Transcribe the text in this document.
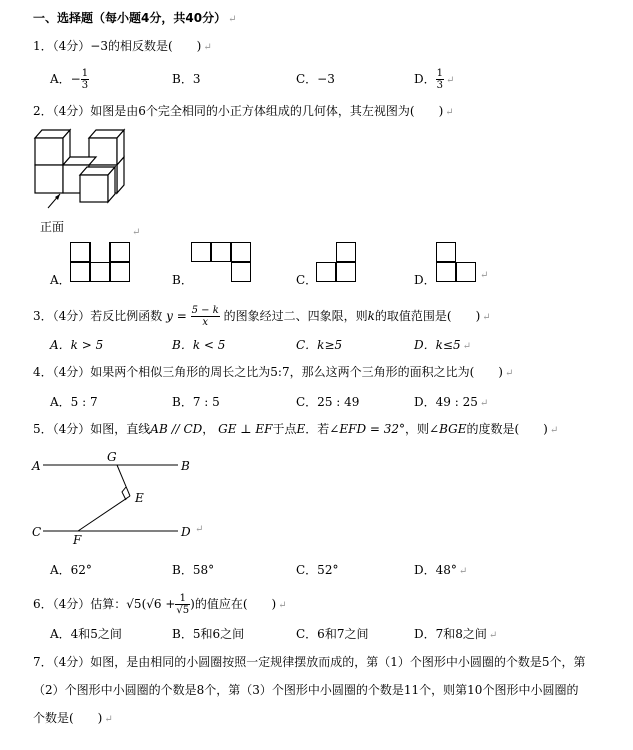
一、选择题（每小题4分，共40分） ↵
1．（4分）−3的相反数是(　　) ↵
A．− $\frac{1}{3}$	B．3	C．−3	D． $\frac{1}{3}$ ↵
2．（4分）如图是由6个完全相同的小正方体组成的几何体，其左视图为(　　) ↵
正面
A．
↵
B．	C．	D．	↵
3．（4分）若反比例函数 $y = \frac{5 - k}{x}$ 的图象经过二、四象限，则k的取值范围是(　　) ↵
A．k > 5	B．k < 5	C．k≥5	D．k≤5 ↵
4．（4分）如果两个相似三角形的周长之比为5:7，那么这两个三角形的面积之比为(　　) ↵
A．5 : 7	B．7 : 5	C．25 : 49	D．49 : 25 ↵
5．（4分）如图，直线AB // CD， GE ⊥ EF于点E．若∠EFD = 32°，则∠BGE的度数是(　　) ↵
A	B
C	D
G
E
F
↵
A．62°	B．58°	C．52°	D．48° ↵
6．（4分）估算：$√5(√6 + \frac{1}{√5}$ )的值应在(　　) ↵
A．4和5之间	B．5和6之间	C．6和7之间	D．7和8之间 ↵
7．（4分）如图，是由相同的小圆圈按照一定规律摆放而成的，第（1）个图形中小圆圈的个数是5个，第
（2）个图形中小圆圈的个数是8个，第（3）个图形中小圆圈的个数是11个，则第10个图形中小圆圈的
个数是(　　) ↵
